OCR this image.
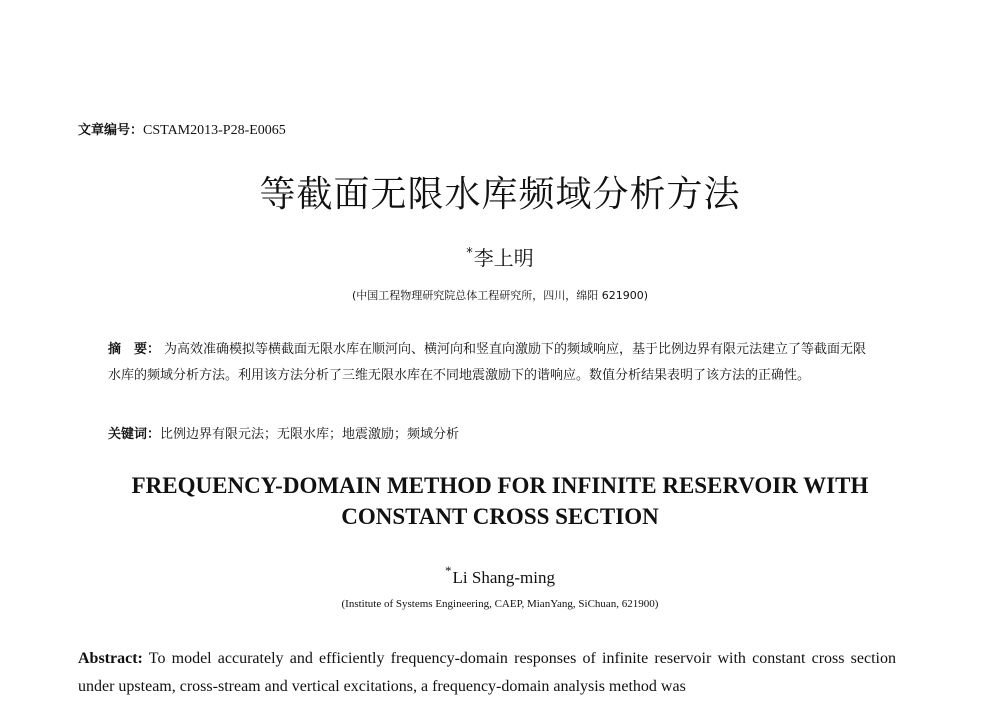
文章编号：CSTAM2013-P28-E0065
等截面无限水库频域分析方法
*李上明
(中国工程物理研究院总体工程研究所，四川，绵阳 621900)
摘　要： 为高效准确模拟等横截面无限水库在顺河向、横河向和竖直向激励下的频域响应，基于比例边界有限元法建立了等截面无限水库的频域分析方法。利用该方法分析了三维无限水库在不同地震激励下的谐响应。数值分析结果表明了该方法的正确性。
关键词：比例边界有限元法；无限水库；地震激励；频域分析
FREQUENCY-DOMAIN METHOD FOR INFINITE RESERVOIR WITH
CONSTANT CROSS SECTION
*Li Shang-ming
(Institute of Systems Engineering, CAEP, MianYang, SiChuan, 621900)
Abstract: To model accurately and efficiently frequency-domain responses of infinite reservoir with constant cross section under upsteam, cross-stream and vertical excitations, a frequency-domain analysis method was
